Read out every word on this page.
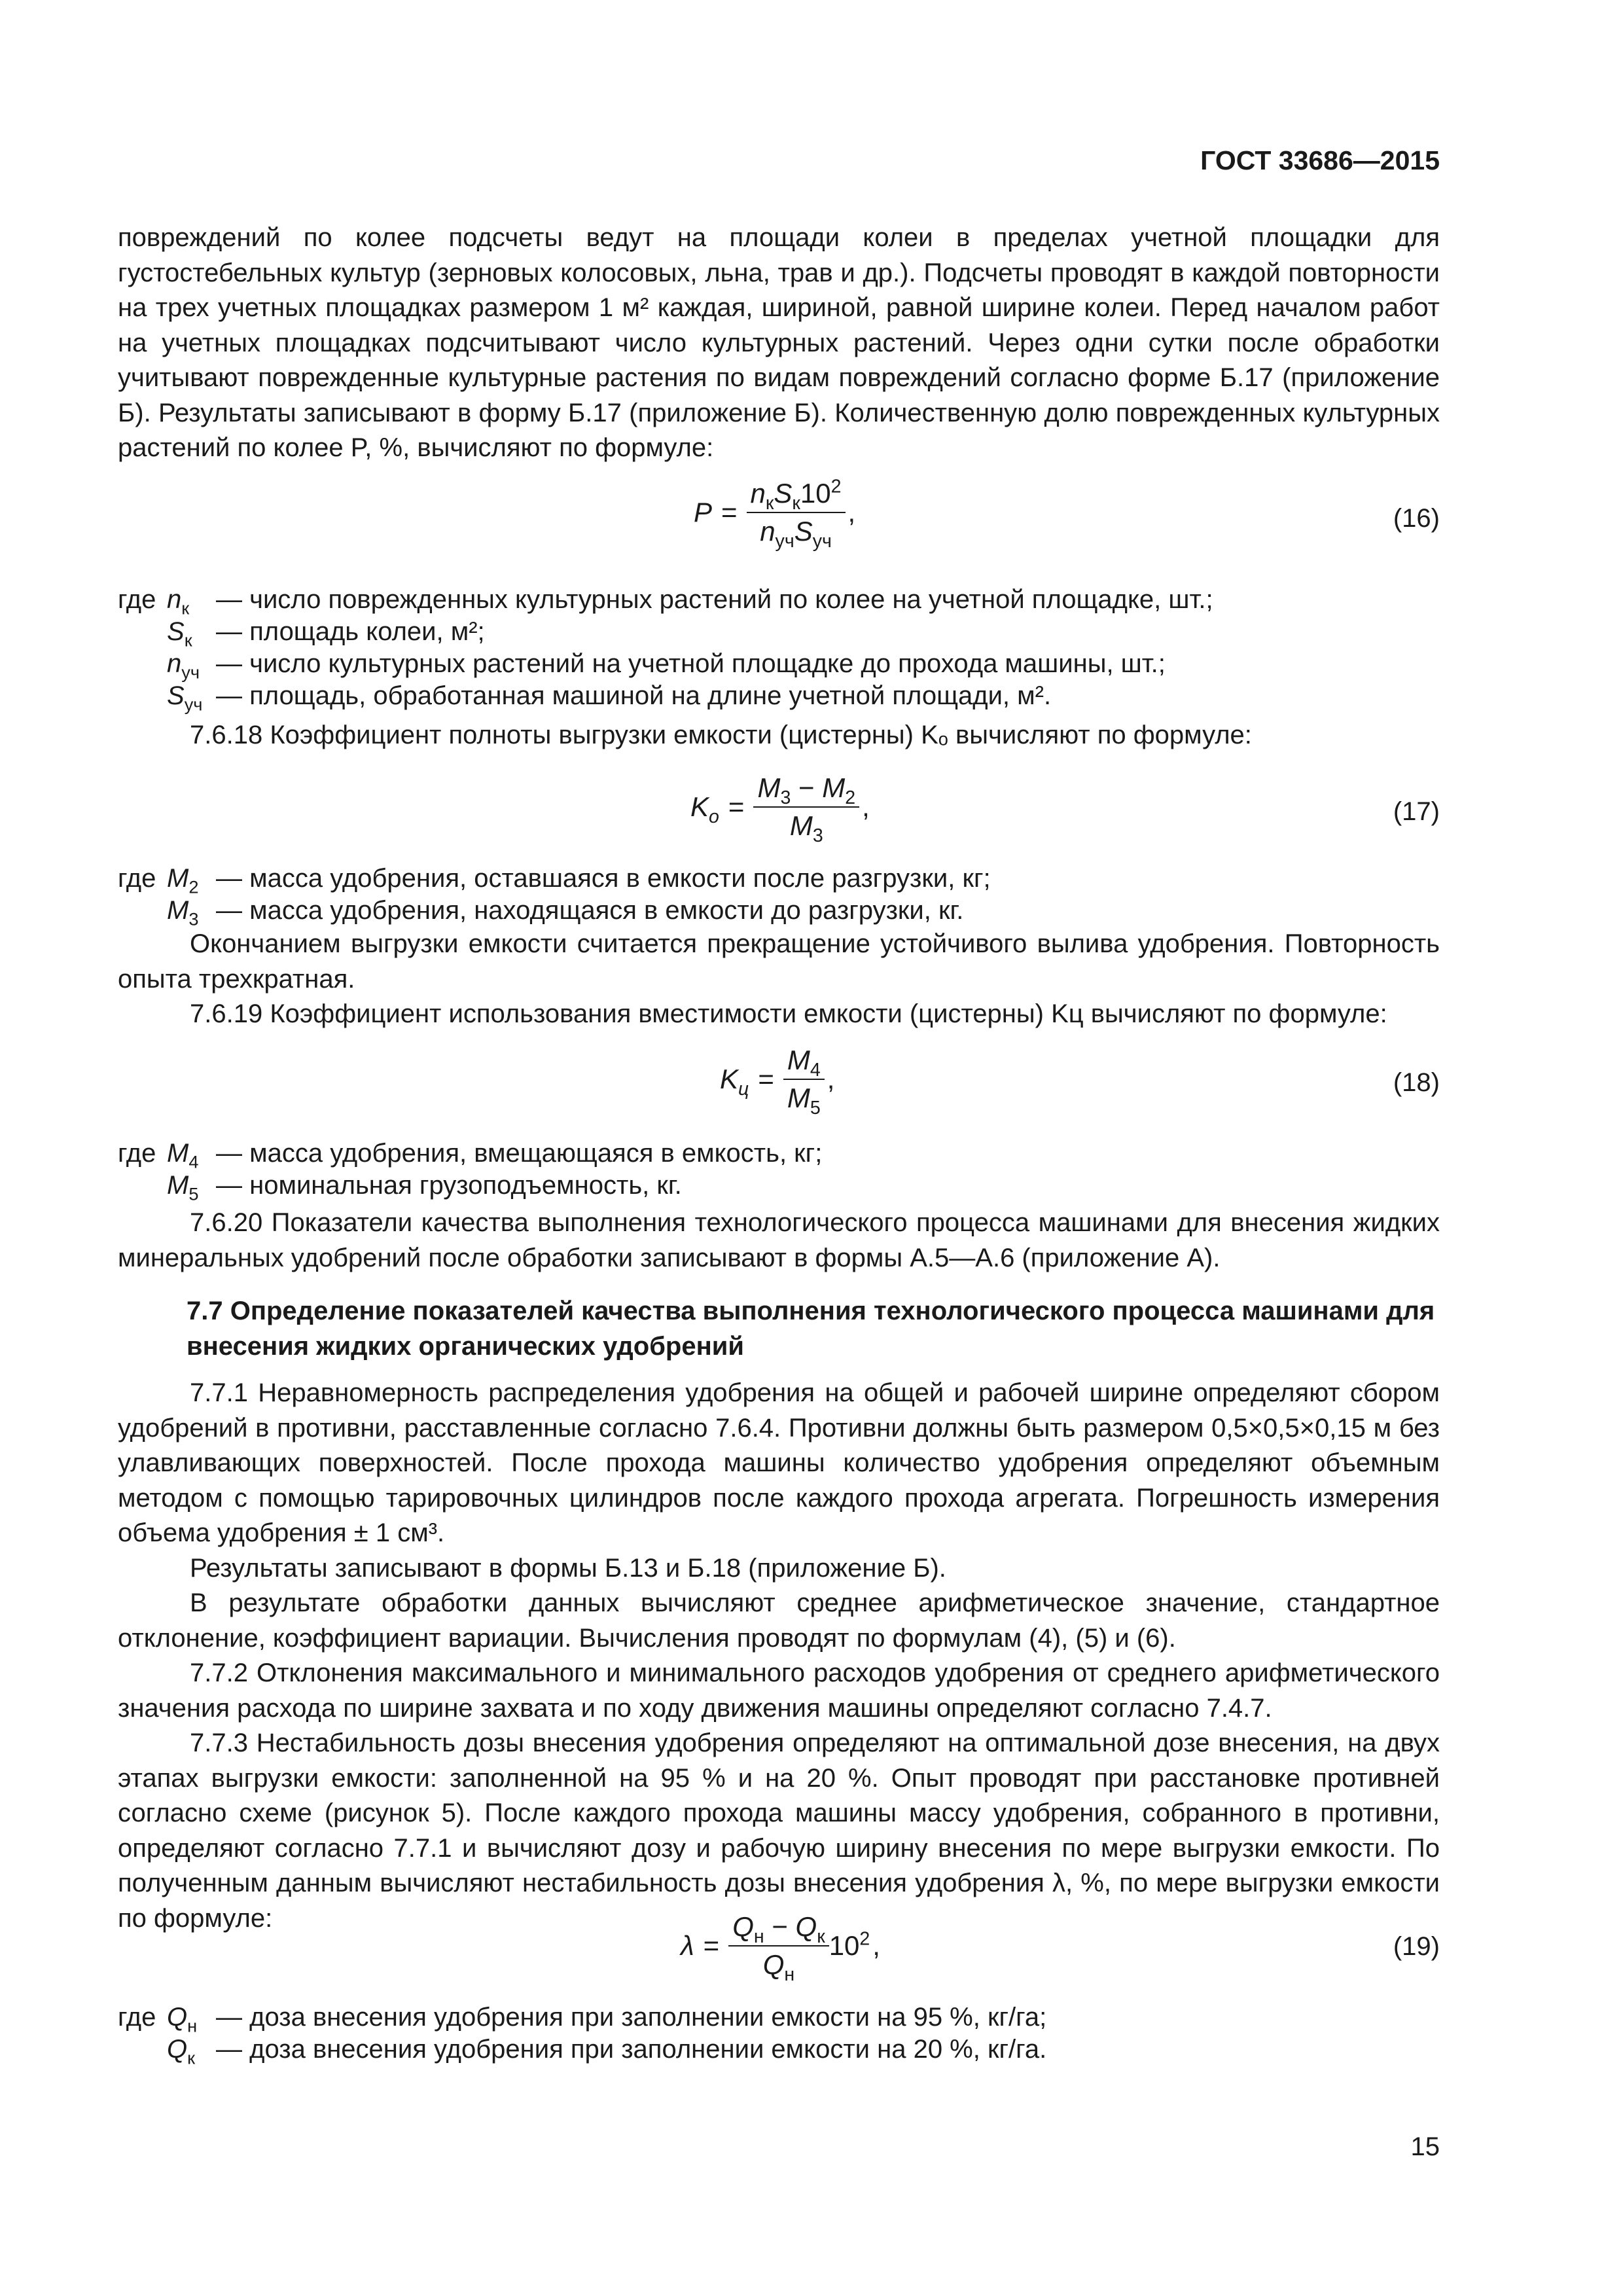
ГОСТ 33686—2015

повреждений по колее подсчеты ведут на площади колеи в пределах учетной площадки для густостебельных культур (зерновых колосовых, льна, трав и др.). Подсчеты проводят в каждой повторности на трех учетных площадках размером 1 м² каждая, шириной, равной ширине колеи. Перед началом работ на учетных площадках подсчитывают число культурных растений. Через одни сутки после обработки учитывают поврежденные культурные растения по видам повреждений согласно форме Б.17 (приложение Б). Результаты записывают в форму Б.17 (приложение Б). Количественную долю поврежденных культурных растений по колее P, %, вычисляют по формуле:

$P = \frac{n_кS_к10^2}{n_{уч}S_{уч}}$ ,	(16)
где $n_к$	— число поврежденных культурных растений по колее на учетной площадке, шт.;
$S_к$ — площадь колеи, м²;
$n_{уч}$ — число культурных растений на учетной площадке до прохода машины, шт.;
$S_{уч}$ — площадь, обработанная машиной на длине учетной площади, м².

7.6.18 Коэффициент полноты выгрузки емкости (цистерны) Kₒ вычисляют по формуле:

$K_о = \frac{M_3 - M_2}{M_3}$ ,	(17)
где $M_2$ — масса удобрения, оставшаяся в емкости после разгрузки, кг;
$M_3$ — масса удобрения, находящаяся в емкости до разгрузки, кг.

Окончанием выгрузки емкости считается прекращение устойчивого вылива удобрения. Повторность опыта трехкратная.

7.6.19 Коэффициент использования вместимости емкости (цистерны) Kц вычисляют по формуле:

$K_ц = \frac{M_4}{M_5}$ ,	(18)
где $M_4$ — масса удобрения, вмещающаяся в емкость, кг;
$M_5$ — номинальная грузоподъемность, кг.

7.6.20 Показатели качества выполнения технологического процесса машинами для внесения жидких минеральных удобрений после обработки записывают в формы А.5—А.6 (приложение А).

7.7 Определение показателей качества выполнения технологического процесса машинами для внесения жидких органических удобрений

7.7.1 Неравномерность распределения удобрения на общей и рабочей ширине определяют сбором удобрений в противни, расставленные согласно 7.6.4. Противни должны быть размером 0,5×0,5×0,15 м без улавливающих поверхностей. После прохода машины количество удобрения определяют объемным методом с помощью тарировочных цилиндров после каждого прохода агрегата. Погрешность измерения объема удобрения ± 1 см³.

Результаты записывают в формы Б.13 и Б.18 (приложение Б).

В результате обработки данных вычисляют среднее арифметическое значение, стандартное отклонение, коэффициент вариации. Вычисления проводят по формулам (4), (5) и (6).

7.7.2 Отклонения максимального и минимального расходов удобрения от среднего арифметического значения расхода по ширине захвата и по ходу движения машины определяют согласно 7.4.7.

7.7.3 Нестабильность дозы внесения удобрения определяют на оптимальной дозе внесения, на двух этапах выгрузки емкости: заполненной на 95 % и на 20 %. Опыт проводят при расстановке противней согласно схеме (рисунок 5). После каждого прохода машины массу удобрения, собранного в противни, определяют согласно 7.7.1 и вычисляют дозу и рабочую ширину внесения по мере выгрузки емкости. По полученным данным вычисляют нестабильность дозы внесения удобрения λ, %, по мере выгрузки емкости по формуле:

$\lambda = \frac{Q_н - Q_к}{Q_н} 10^2$ ,	(19)
где $Q_н$ — доза внесения удобрения при заполнении емкости на 95 %, кг/га;
$Q_к$ — доза внесения удобрения при заполнении емкости на 20 %, кг/га.
15
